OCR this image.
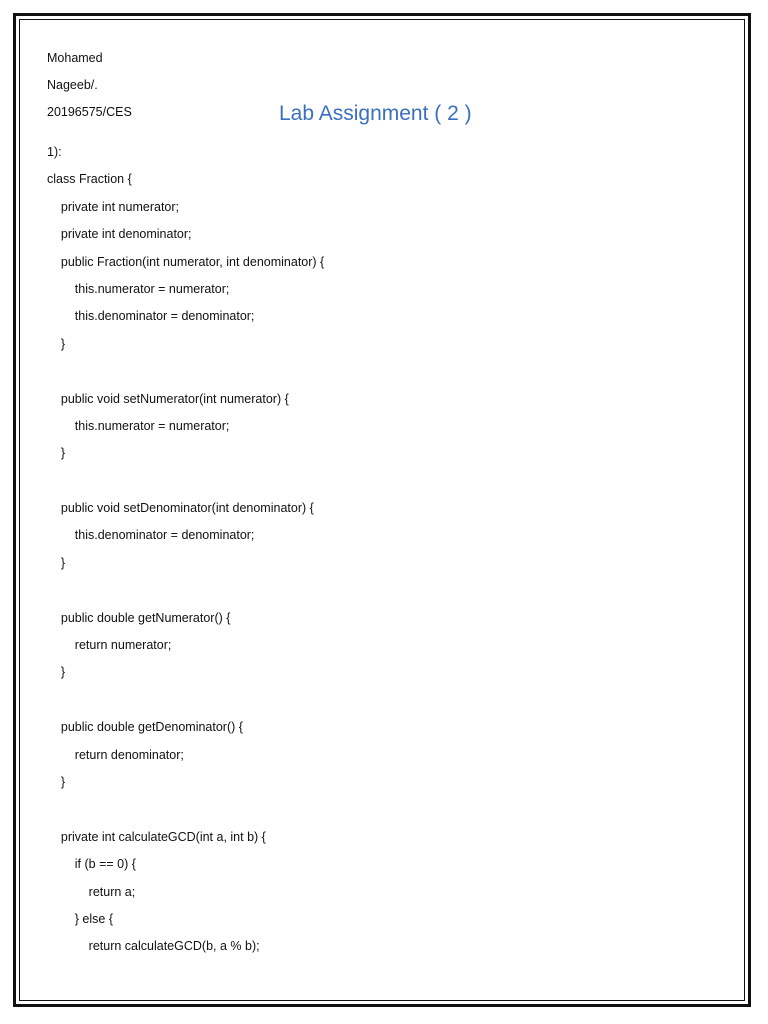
Mohamed
Nageeb/.
20196575/CES	Lab Assignment ( 2 )
1):
class Fraction {
private int numerator;
private int denominator;
public Fraction(int numerator, int denominator) {
this.numerator = numerator;
this.denominator = denominator;
}
public void setNumerator(int numerator) {
this.numerator = numerator;
}
public void setDenominator(int denominator) {
this.denominator = denominator;
}
public double getNumerator() {
return numerator;
}
public double getDenominator() {
return denominator;
}
private int calculateGCD(int a, int b) {
if (b == 0) {
return a;
} else {
return calculateGCD(b, a % b);
